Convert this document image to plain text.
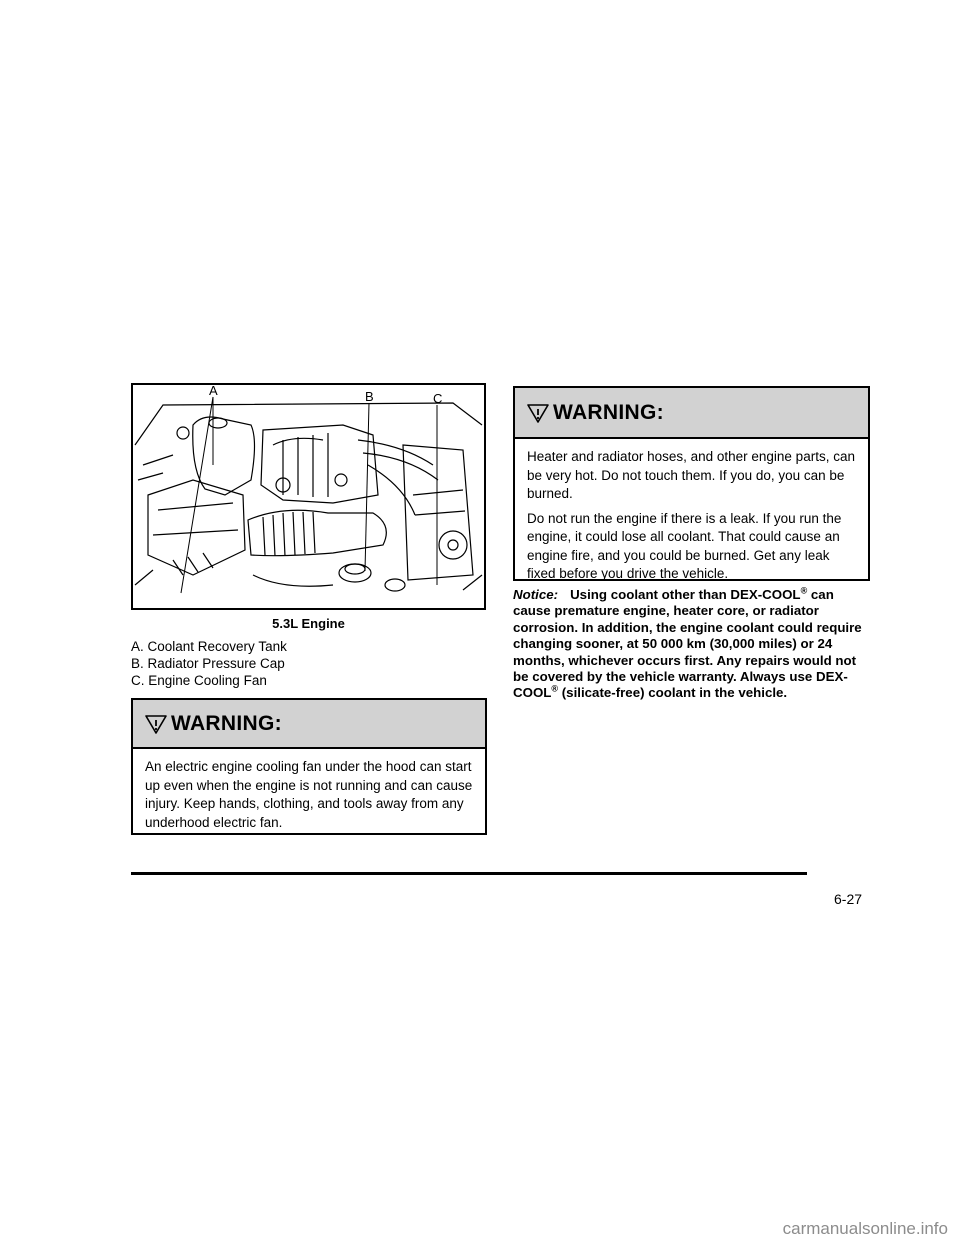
A	B	C
5.3L Engine
A. Coolant Recovery Tank
B. Radiator Pressure Cap
C. Engine Cooling Fan
WARNING:

An electric engine cooling fan under the hood can start up even when the engine is not running and can cause injury. Keep hands, clothing, and tools away from any underhood electric fan.

WARNING:

Heater and radiator hoses, and other engine parts, can be very hot. Do not touch them. If you do, you can be burned.

Do not run the engine if there is a leak. If you run the engine, it could lose all coolant. That could cause an engine fire, and you could be burned. Get any leak fixed before you drive the vehicle.

Notice: Using coolant other than DEX-COOL® can cause premature engine, heater core, or radiator corrosion. In addition, the engine coolant could require changing sooner, at 50 000 km (30,000 miles) or 24 months, whichever occurs first. Any repairs would not be covered by the vehicle warranty. Always use DEX-COOL® (silicate-free) coolant in the vehicle.
6-27
carmanualsonline.info
